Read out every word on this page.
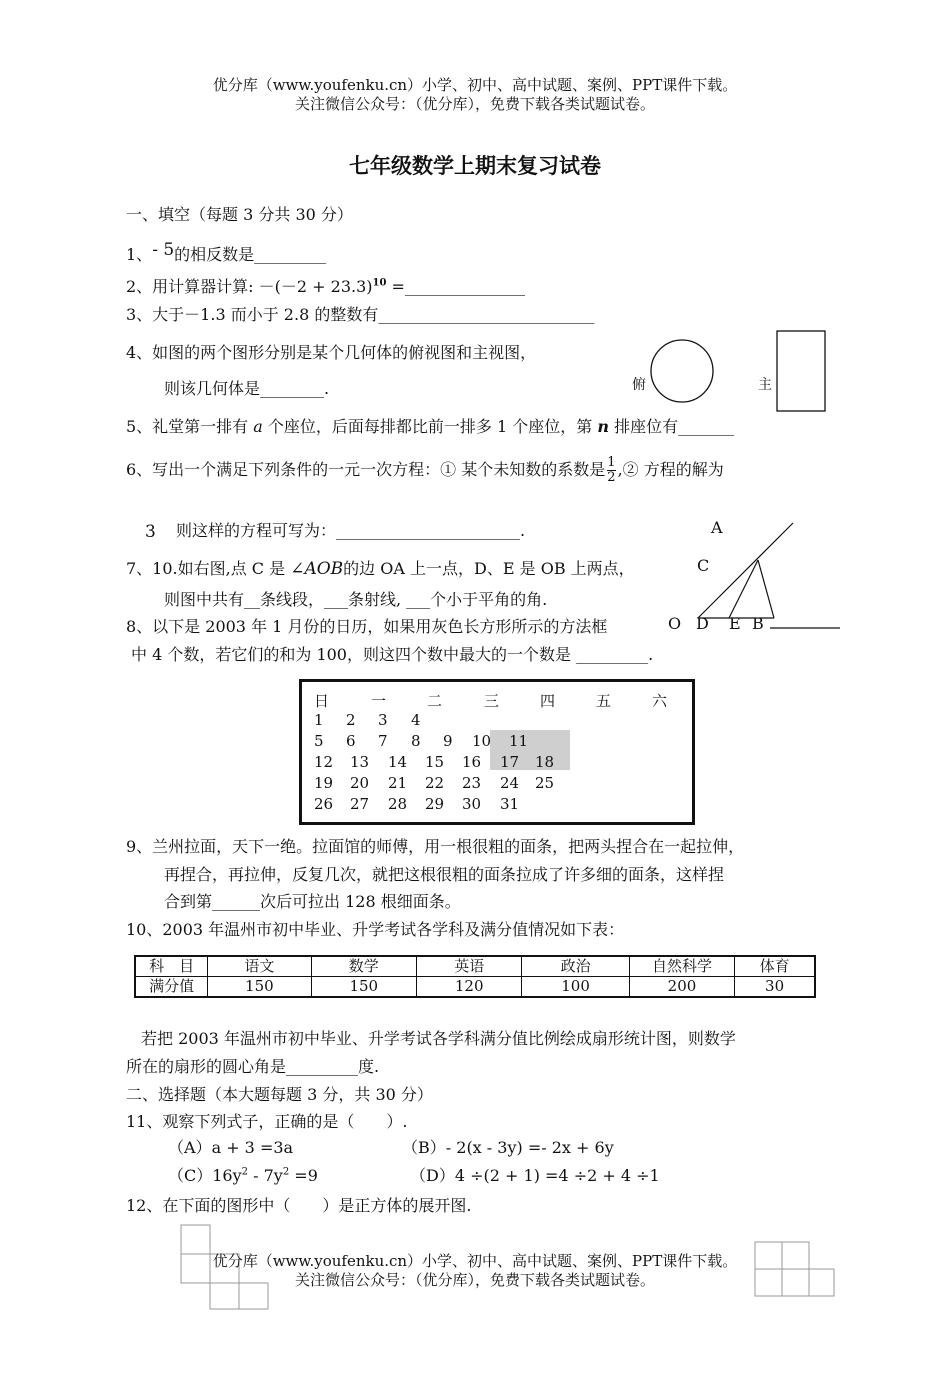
优分库（www.youfenku.cn）小学、初中、高中试题、案例、PPT课件下载。
关注微信公众号：（优分库），免费下载各类试题试卷。
七年级数学上期末复习试卷
一、填空（每题 3 分共 30 分）
1、- 5的相反数是_________
2、用计算器计算: $-(-2 + 23.3)^{10}$ =_______________
3、大于－1.3 而小于 2.8 的整数有___________________________
4、如图的两个图形分别是某个几何体的俯视图和主视图，
则该几何体是________.	俯	主
5、礼堂第一排有 a 个座位，后面每排都比前一排多 1 个座位，第 n 排座位有_______
6、写出一个满足下列条件的一元一次方程：① 某个未知数的系数是 $\frac{1}{2}$ ,② 方程的解为
3 则这样的方程可写为：_______________________.
7、10.如右图,点 C 是 ∠AOB的边 OA 上一点，D、E 是 OB 上两点，
则图中共有__条线段，___条射线, ___个小于平角的角.
A
C
O D E B
8、以下是 2003 年 1 月份的日历，如果用灰色长方形所示的方法框
中 4 个数，若它们的和为 100，则这四个数中最大的一个数是 _________.
日	一	二	三	四	五	六
1 2 3 4
5 6 7 8 9 10 11
12 13 14 15 16 17 18
19 20 21 22 23 24 25
26 27 28 29 30 31
9、兰州拉面，天下一绝。拉面馆的师傅，用一根很粗的面条，把两头捏合在一起拉伸，
再捏合，再拉伸，反复几次，就把这根很粗的面条拉成了许多细的面条，这样捏
合到第______次后可拉出 128 根细面条。
10、2003 年温州市初中毕业、升学考试各学科及满分值情况如下表：
科　目	语文	数学	英语	政治	自然科学	体育
满分值	150	150	120	100	200	30
若把 2003 年温州市初中毕业、升学考试各学科满分值比例绘成扇形统计图，则数学
所在的扇形的圆心角是_________度.
二、选择题（本大题每题 3 分，共 30 分）
11、观察下列式子，正确的是（　　）.
（A）a + 3 =3a	（B）- 2(x - 3y) =- 2x + 6y
$(C)16y^2 - 7y^2 =9$	（D）4 ÷(2 + 1) =4 ÷2 + 4 ÷1
12、在下面的图形中（　　）是正方体的展开图.
优分库（www.youfenku.cn）小学、初中、高中试题、案例、PPT课件下载。
关注微信公众号：（优分库），免费下载各类试题试卷。
